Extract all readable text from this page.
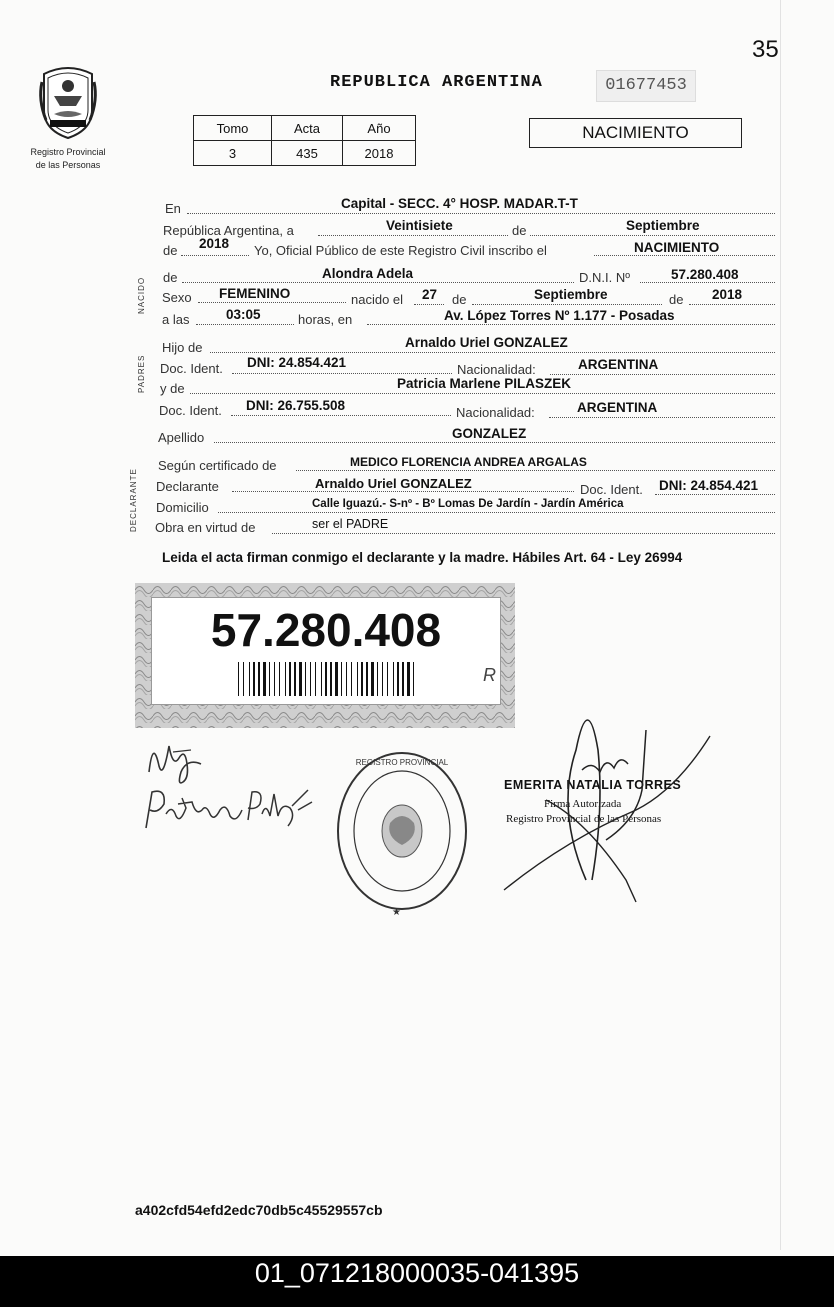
35
Registro Provincial
de las Personas
REPUBLICA ARGENTINA	01677453
Tomo	Acta	Año
3	435	2018
NACIMIENTO
NACIDO
PADRES
DECLARANTE
En	Capital - SECC. 4° HOSP. MADAR.T-T
República Argentina, a	Veintisiete	de	Septiembre
de 2018 Yo, Oficial Público de este Registro Civil inscribo el	NACIMIENTO
de	Alondra Adela	D.N.I. Nº	57.280.408
Sexo FEMENINO	nacido el 27 de	Septiembre	de 2018
a las	03:05	horas, en	Av. López Torres Nº 1.177 - Posadas
Hijo de	Arnaldo Uriel GONZALEZ
Doc. Ident. DNI: 24.854.421	Nacionalidad:	ARGENTINA
y de	Patricia Marlene PILASZEK
Doc. Ident. DNI: 26.755.508	Nacionalidad:	ARGENTINA
Apellido	GONZALEZ
Según certificado de	MEDICO FLORENCIA ANDREA ARGALAS
Declarante	Arnaldo Uriel GONZALEZ	Doc. Ident. DNI: 24.854.421
Domicilio	Calle Iguazú.- S-nº - Bº Lomas De Jardín - Jardín América
Obra en virtud de	ser el PADRE
Leida el acta firman conmigo el declarante y la madre. Hábiles Art. 64 - Ley 26994
57.280.408
R
REGISTRO PROVINCIAL
★
EMERITA NATALIA TORRES
Firma Autorizada
Registro Provincial de las Personas
a402cfd54efd2edc70db5c45529557cb
01_071218000035-041395
